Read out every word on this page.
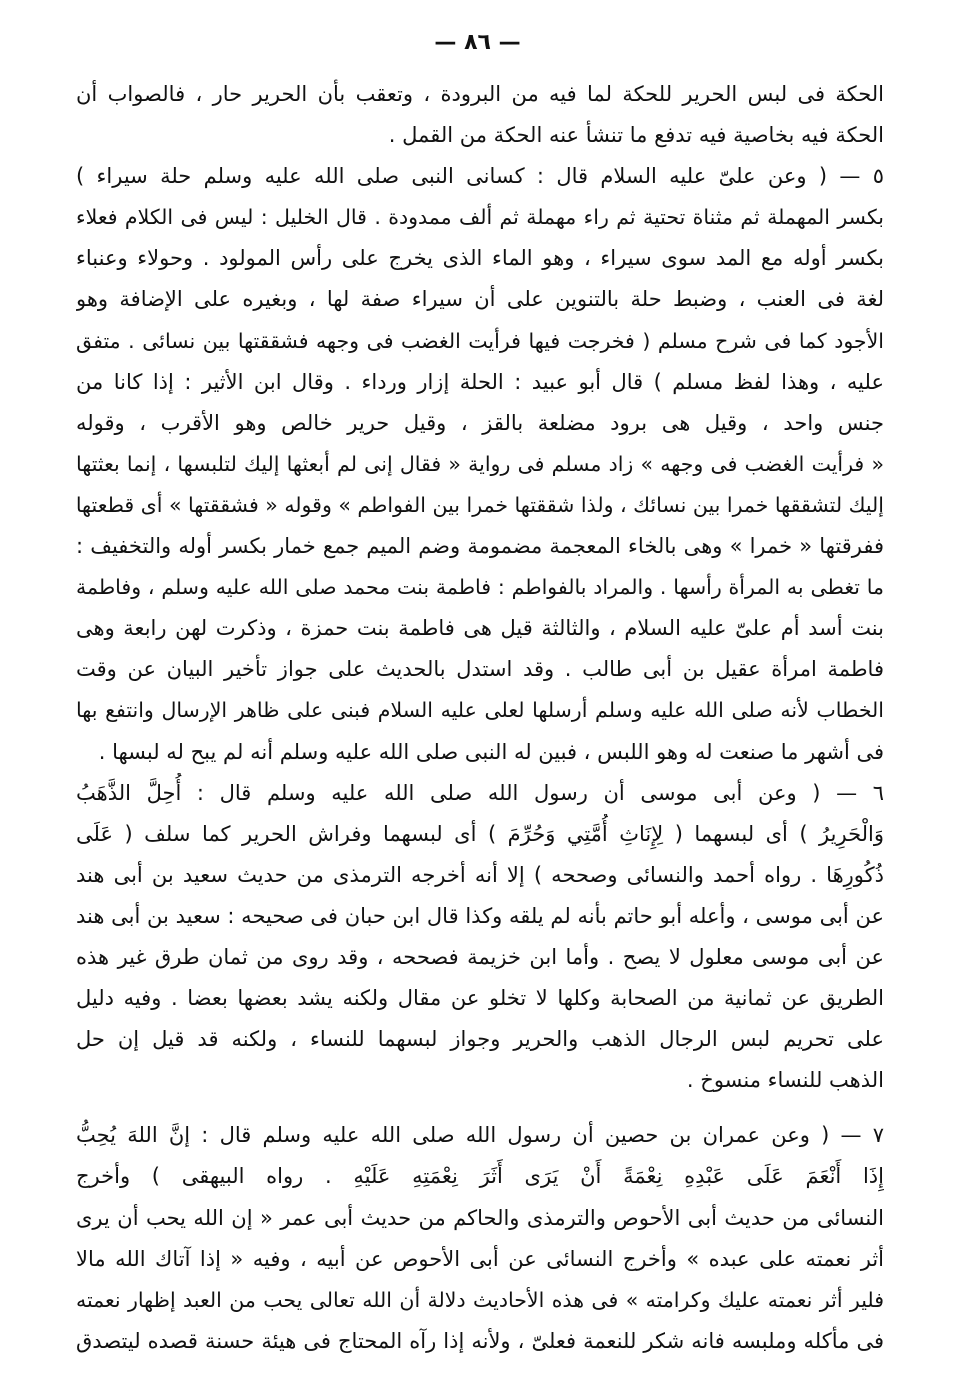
— ٨٦ —
الحكة فى لبس الحرير للحكة لما فيه من البرودة ، وتعقب بأن الحرير حار ، فالصواب أن
الحكة فيه بخاصية فيه تدفع ما تنشأ عنه الحكة من القمل .
٥ — ( وعن علىّ عليه السلام قال : كسانى النبى صلى الله عليه وسلم حلة سيراء )
بكسر المهملة ثم مثناة تحتية ثم راء مهملة ثم ألف ممدودة . قال الخليل : ليس فى الكلام فعلاء
بكسر أوله مع المد سوى سيراء ، وهو الماء الذى يخرج على رأس المولود . وحولاء وعنباء
لغة فى العنب ، وضبط حلة بالتنوين على أن سيراء صفة لها ، وبغيره على الإضافة وهو
الأجود كما فى شرح مسلم ( فخرجت فيها فرأيت الغضب فى وجهه فشققتها بين نسائى . متفق
عليه ، وهذا لفظ مسلم ) قال أبو عبيد : الحلة إزار ورداء . وقال ابن الأثير : إذا كانا من
جنس واحد ، وقيل هى برود مضلعة بالقز ، وقيل حرير خالص وهو الأقرب ، وقوله
« فرأيت الغضب فى وجهه » زاد مسلم فى رواية « فقال إنى لم أبعثها إليك لتلبسها ، إنما بعثتها
إليك لتشققها خمرا بين نسائك ، ولذا شققتها خمرا بين الفواطم » وقوله « فشققتها » أى قطعتها
ففرقتها « خمرا » وهى بالخاء المعجمة مضمومة وضم الميم جمع خمار بكسر أوله والتخفيف :
ما تغطى به المرأة رأسها . والمراد بالفواطم : فاطمة بنت محمد صلى الله عليه وسلم ، وفاطمة
بنت أسد أم علىّ عليه السلام ، والثالثة قيل هى فاطمة بنت حمزة ، وذكرت لهن رابعة وهى
فاطمة امرأة عقيل بن أبى طالب . وقد استدل بالحديث على جواز تأخير البيان عن وقت
الخطاب لأنه صلى الله عليه وسلم أرسلها لعلى عليه السلام فبنى على ظاهر الإرسال وانتفع بها
فى أشهر ما صنعت له وهو اللبس ، فبين له النبى صلى الله عليه وسلم أنه لم يبح له لبسها .
٦ — ( وعن أبى موسى أن رسول الله صلى الله عليه وسلم قال : أُحِلَّ الذَّهَبُ
وَالْحَرِيرُ ) أى لبسهما ( لِإِنَاثِ أُمَّتِي وَحُرِّمَ ) أى لبسهما وفراش الحرير كما سلف ( عَلَى
ذُكُورِهَا . رواه أحمد والنسائى وصححه ) إلا أنه أخرجه الترمذى من حديث سعيد بن أبى هند
عن أبى موسى ، وأعله أبو حاتم بأنه لم يلقه وكذا قال ابن حبان فى صحيحه : سعيد بن أبى هند
عن أبى موسى معلول لا يصح . وأما ابن خزيمة فصححه ، وقد روى من ثمان طرق غير هذه
الطريق عن ثمانية من الصحابة وكلها لا تخلو عن مقال ولكنه يشد بعضها بعضا . وفيه دليل
على تحريم لبس الرجال الذهب والحرير وجواز لبسهما للنساء ، ولكنه قد قيل إن حل
الذهب للنساء منسوخ .
٧ — ( وعن عمران بن حصين أن رسول الله صلى الله عليه وسلم قال : إنَّ اللهَ يُحِبُّ
إِذَا أَنْعَمَ عَلَى عَبْدِهِ نِعْمَةً أَنْ يَرَى أَثَرَ نِعْمَتِهِ عَلَيْهِ . رواه البيهقى ) وأخرج
النسائى من حديث أبى الأحوص والترمذى والحاكم من حديث أبى عمر « إن الله يحب أن يرى
أثر نعمته على عبده » وأخرج النسائى عن أبى الأحوص عن أبيه ، وفيه « إذا آتاك الله مالا
فلير أثر نعمته عليك وكرامته » فى هذه الأحاديث دلالة أن الله تعالى يحب من العبد إظهار نعمته
فى مأكله وملبسه فانه شكر للنعمة فعلىّ ، ولأنه إذا رآه المحتاج فى هيئة حسنة قصده ليتصدق
